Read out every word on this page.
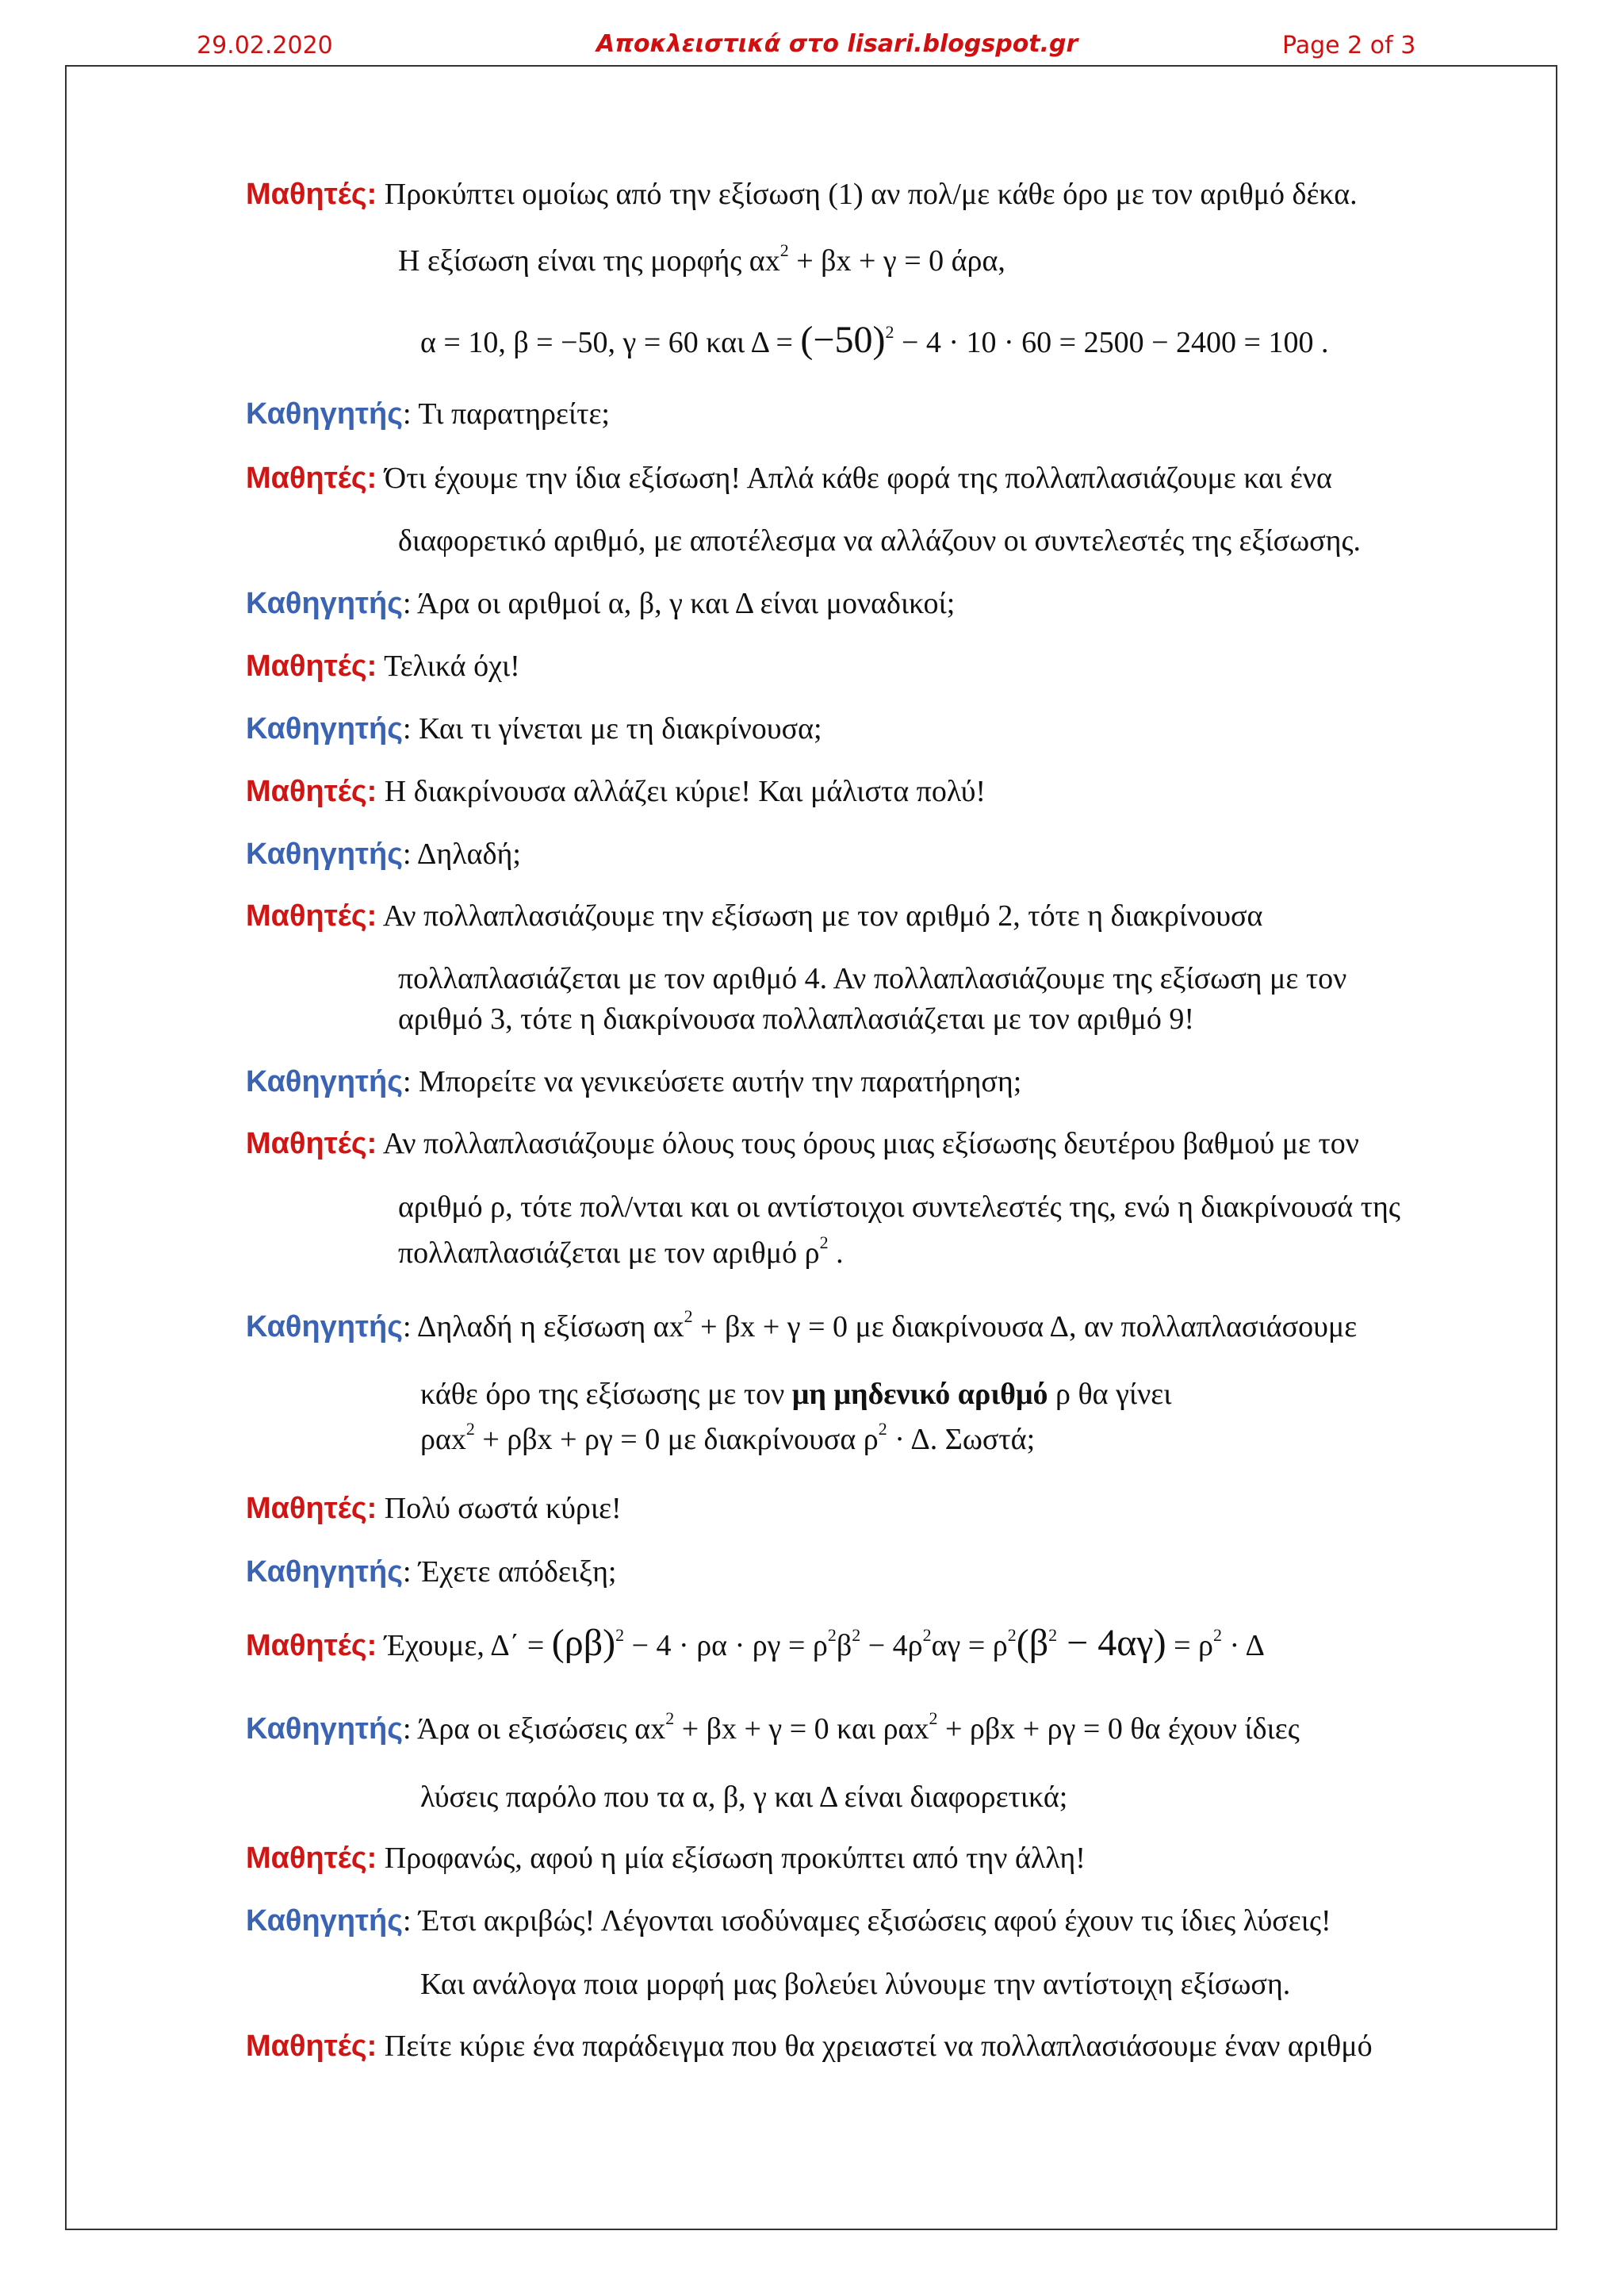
29.02.2020	Αποκλειστικά στο lisari.blogspot.gr	Page 2 of 3
Μαθητές: Προκύπτει ομοίως από την εξίσωση (1) αν πολ/με κάθε όρο με τον αριθμό δέκα.
Η εξίσωση είναι της μορφής $\alpha x^2 + \beta x + \gamma = 0$ άρα,
α = 10, β = −50, γ = 60 και $\Delta = (-50)^2 - 4 \cdot 10 \cdot 60 = 2500 - 2400 = 100$ .
Καθηγητής: Τι παρατηρείτε;
Μαθητές: Ότι έχουμε την ίδια εξίσωση! Απλά κάθε φορά της πολλαπλασιάζουμε και ένα
διαφορετικό αριθμό, με αποτέλεσμα να αλλάζουν οι συντελεστές της εξίσωσης.
Καθηγητής: Άρα οι αριθμοί α, β, γ και Δ είναι μοναδικοί;
Μαθητές: Τελικά όχι!
Καθηγητής: Και τι γίνεται με τη διακρίνουσα;
Μαθητές: Η διακρίνουσα αλλάζει κύριε! Και μάλιστα πολύ!
Καθηγητής: Δηλαδή;
Μαθητές: Αν πολλαπλασιάζουμε την εξίσωση με τον αριθμό 2, τότε η διακρίνουσα
πολλαπλασιάζεται με τον αριθμό 4. Αν πολλαπλασιάζουμε της εξίσωση με τον
αριθμό 3, τότε η διακρίνουσα πολλαπλασιάζεται με τον αριθμό 9!
Καθηγητής: Μπορείτε να γενικεύσετε αυτήν την παρατήρηση;
Μαθητές: Αν πολλαπλασιάζουμε όλους τους όρους μιας εξίσωσης δευτέρου βαθμού με τον
αριθμό ρ, τότε πολ/νται και οι αντίστοιχοι συντελεστές της, ενώ η διακρίνουσά της
πολλαπλασιάζεται με τον αριθμό $\rho^2$ .
Καθηγητής: Δηλαδή η εξίσωση $\alpha x^2 + \beta x + \gamma = 0$ με διακρίνουσα Δ, αν πολλαπλασιάσουμε
κάθε όρο της εξίσωσης με τον μη μηδενικό αριθμό ρ θα γίνει
ραx$^2$ + ρβx + ργ = 0 με διακρίνουσα $\rho^2 \cdot \Delta$. Σωστά;
Μαθητές: Πολύ σωστά κύριε!
Καθηγητής: Έχετε απόδειξη;
Μαθητές: Έχουμε, $\Delta΄ = (\rho\beta)^2 - 4 \cdot \rho\alpha \cdot \rho\gamma = \rho^2\beta^2 - 4\rho^2\alpha\gamma = \rho^2(\beta^2 - 4\alpha\gamma) = \rho^2 \cdot \Delta$
Καθηγητής: Άρα οι εξισώσεις $\alpha x^2 + \beta x + \gamma = 0$ και ραx$^2$ + ρβx + ργ = 0 θα έχουν ίδιες
λύσεις παρόλο που τα α, β, γ και Δ είναι διαφορετικά;
Μαθητές: Προφανώς, αφού η μία εξίσωση προκύπτει από την άλλη!
Καθηγητής: Έτσι ακριβώς! Λέγονται ισοδύναμες εξισώσεις αφού έχουν τις ίδιες λύσεις!
Και ανάλογα ποια μορφή μας βολεύει λύνουμε την αντίστοιχη εξίσωση.
Μαθητές: Πείτε κύριε ένα παράδειγμα που θα χρειαστεί να πολλαπλασιάσουμε έναν αριθμό
